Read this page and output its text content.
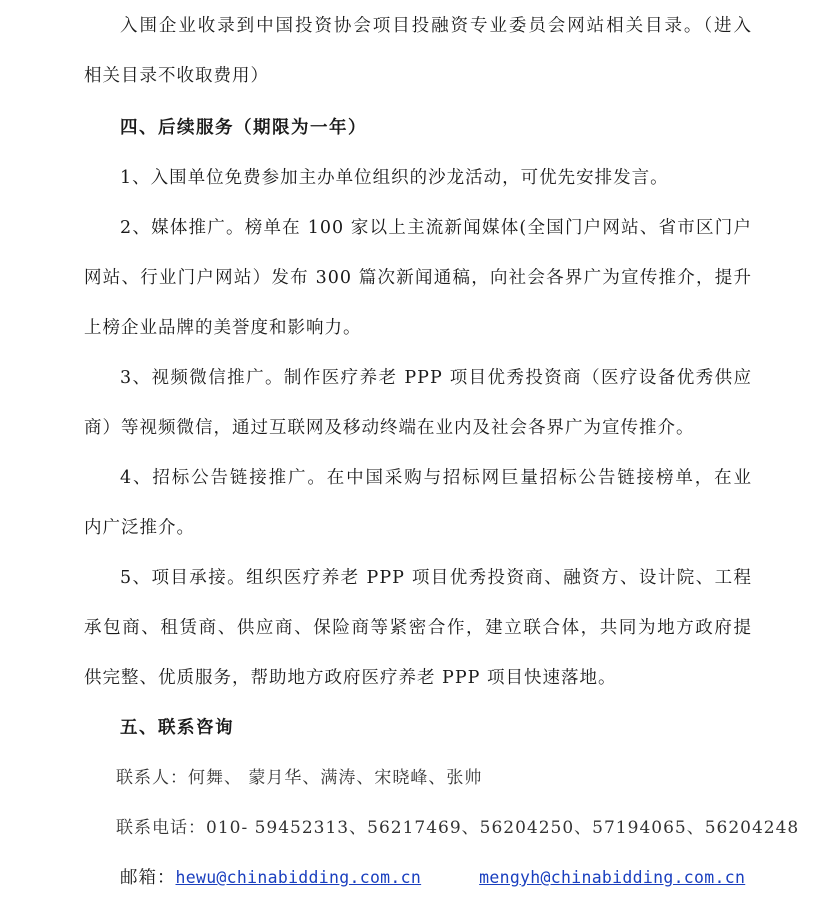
入围企业收录到中国投资协会项目投融资专业委员会网站相关目录。（进入
相关目录不收取费用）
四、后续服务（期限为一年）
1、入围单位免费参加主办单位组织的沙龙活动，可优先安排发言。
2、媒体推广。榜单在 100 家以上主流新闻媒体(全国门户网站、省市区门户
网站、行业门户网站）发布 300 篇次新闻通稿，向社会各界广为宣传推介，提升
上榜企业品牌的美誉度和影响力。
3、视频微信推广。制作医疗养老 PPP 项目优秀投资商（医疗设备优秀供应
商）等视频微信，通过互联网及移动终端在业内及社会各界广为宣传推介。
4、招标公告链接推广。在中国采购与招标网巨量招标公告链接榜单，在业
内广泛推介。
5、项目承接。组织医疗养老 PPP 项目优秀投资商、融资方、设计院、工程
承包商、租赁商、供应商、保险商等紧密合作，建立联合体，共同为地方政府提
供完整、优质服务，帮助地方政府医疗养老 PPP 项目快速落地。
五、联系咨询
联系人：何舞、 蒙月华、满涛、宋晓峰、张帅
联系电话：010- 59452313、56217469、56204250、57194065、56204248
邮箱：hewu@chinabidding.com.cn	mengyh@chinabidding.com.cn
